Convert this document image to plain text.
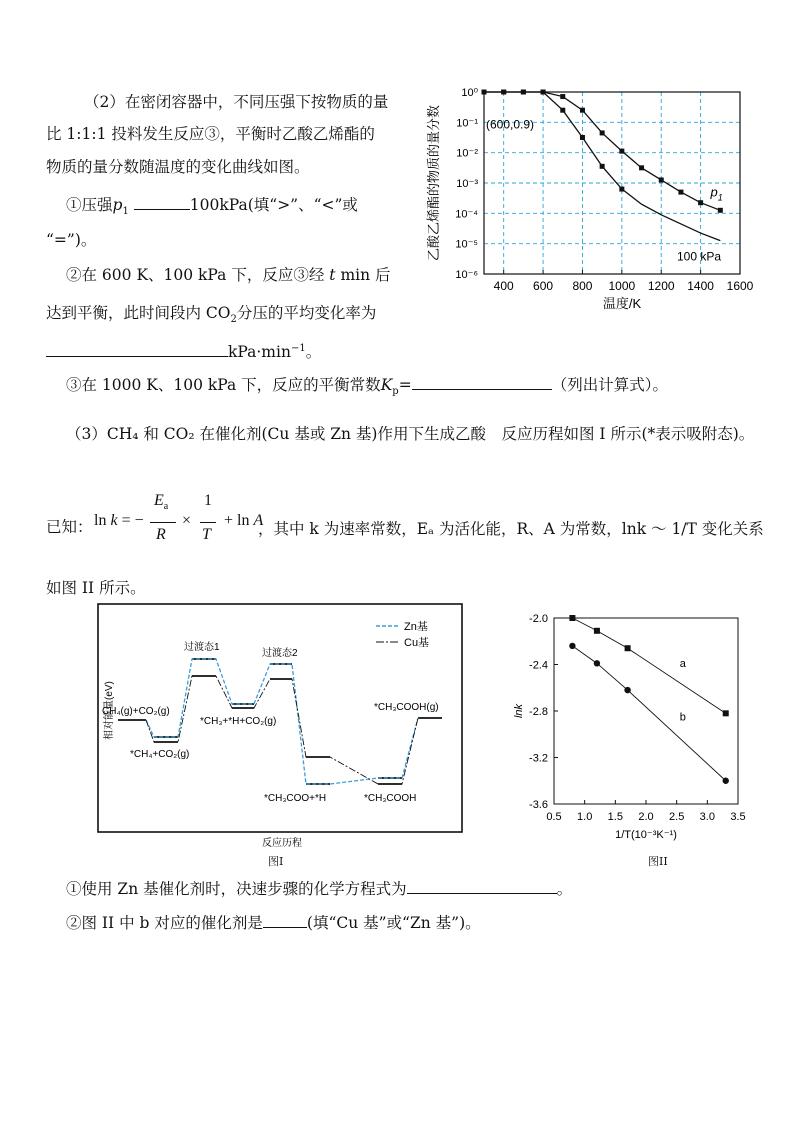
（2）在密闭容器中，不同压强下按物质的量
比 1:1:1 投料发生反应③，平衡时乙酸乙烯酯的
物质的量分数随温度的变化曲线如图。
①压强$p_1$	100kPa(填“>”、“<”或
“=”)。
②在 600 K、100 kPa 下，反应③经 t min 后
达到平衡，此时间段内 $CO_2$分压的平均变化率为
$kPa\cdot\min^{-1}$。
③在 1000 K、100 kPa 下，反应的平衡常数$K_p=$	（列出计算式）。
（3）CH₄ 和 CO₂ 在催化剂(Cu 基或 Zn 基)作用下生成乙酸　反应历程如图 I 所示(*表示吸附态)。
已知： ln k = −
$E_a$
R
×
1
T
+ ln A
，其中 k 为速率常数，Eₐ 为活化能，R、A 为常数，lnk ～ 1/T 变化关系
如图 II 所示。
①使用 Zn 基催化剂时，决速步骤的化学方程式为	。
②图 II 中 b 对应的催化剂是	(填“Cu 基”或“Zn 基”)。
400 600 800 1000 1200 1400 1600
10⁰
10⁻¹
10⁻²
10⁻³
10⁻⁴
10⁻⁵
10⁻⁶
温度/K
乙酸乙烯酯的物质的量分数	$p_1$
100 kPa
(600,0.9)
Zn基
Cu基
相对能量(eV)
CH₄(g)+CO₂(g)
*CH₄+CO₂(g)
过渡态1
*CH₃+*H+CO₂(g)
过渡态2
*CH₃COO+*H	*CH₃COOH
*CH₃COOH(g)
反应历程
图I
0.5 1.0 1.5 2.0 2.5 3.0 3.5
-2.0
-2.4
-2.8
-3.2
-3.6
1/T(10⁻³K⁻¹)
lnk
a
b
图II
